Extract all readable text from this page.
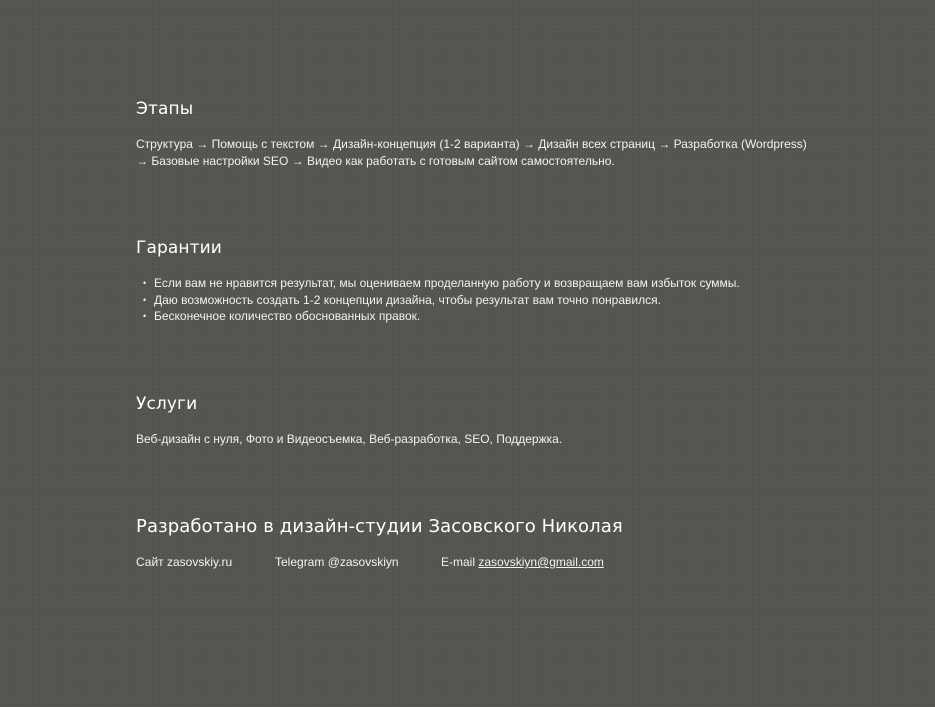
Этапы

Структура → Помощь с текстом → Дизайн-концепция (1-2 варианта) → Дизайн всех страниц → Разработка (Wordpress) → Базовые настройки SEO → Видео как работать с готовым сайтом самостоятельно.

Гарантии
• Если вам не нравится результат, мы оцениваем проделанную работу и возвращаем вам избыток суммы.
• Даю возможность создать 1-2 концепции дизайна, чтобы результат вам точно понравился.
• Бесконечное количество обоснованных правок.
Услуги

Веб-дизайн с нуля, Фото и Видеосъемка, Веб-разработка, SEO, Поддержка.

Разработано в дизайн-студии Засовского Николая
Сайт zasovskiy.ru	Telegram @zasovskiyn	E-mail zasovskiyn@gmail.com
